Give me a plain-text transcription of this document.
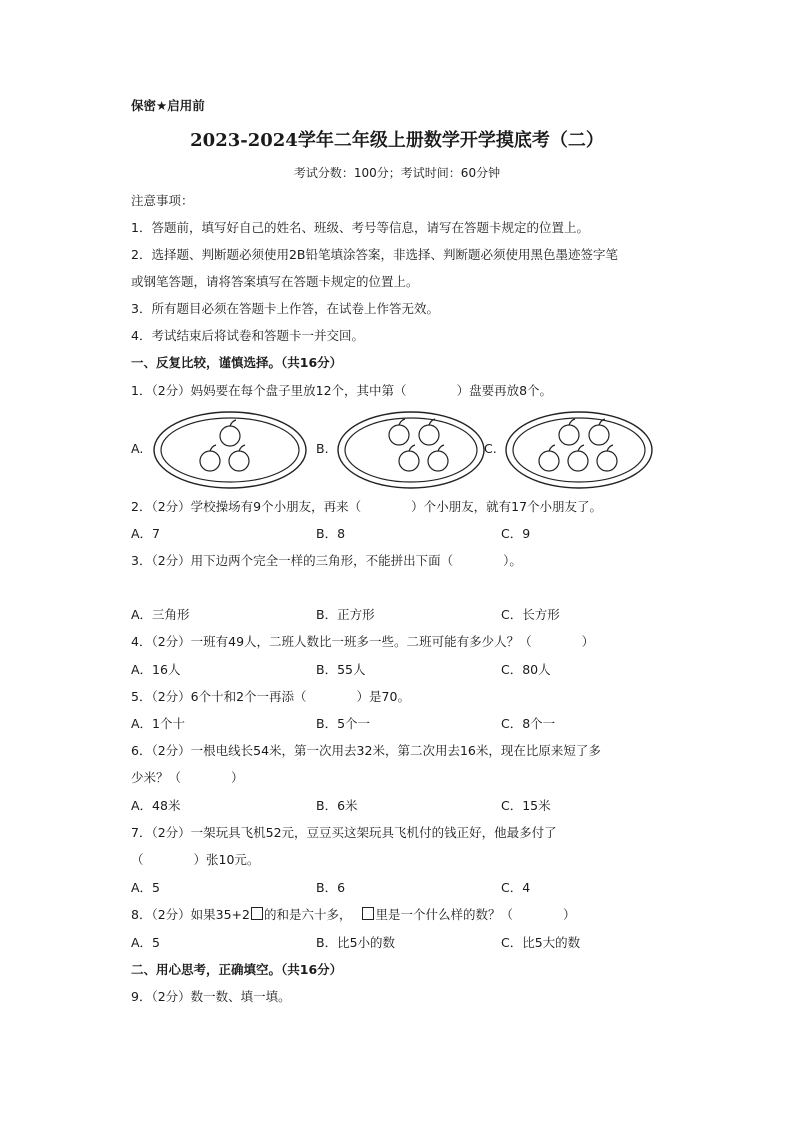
保密★启用前
2023-2024学年二年级上册数学开学摸底考（二）
考试分数：100分；考试时间：60分钟
注意事项：
1．答题前，填写好自己的姓名、班级、考号等信息，请写在答题卡规定的位置上。
2．选择题、判断题必须使用2B铅笔填涂答案，非选择、判断题必须使用黑色墨迹签字笔
或钢笔答题，请将答案填写在答题卡规定的位置上。
3．所有题目必须在答题卡上作答，在试卷上作答无效。
4．考试结束后将试卷和答题卡一并交回。
一、反复比较，谨慎选择。（共16分）
1．（2分）妈妈要在每个盘子里放12个，其中第（　　　　）盘要再放8个。
A.	B.	C.
2．（2分）学校操场有9个小朋友，再来（　　　　）个小朋友，就有17个小朋友了。
A．7	B．8	C．9
3．（2分）用下边两个完全一样的三角形，不能拼出下面（　　　　）。
A．三角形	B．正方形	C．长方形
4．（2分）一班有49人，二班人数比一班多一些。二班可能有多少人？（　　　　）
A．16人	B．55人	C．80人
5．（2分）6个十和2个一再添（　　　　）是70。
A．1个十	B．5个一	C．8个一
6．（2分）一根电线长54米，第一次用去32米，第二次用去16米，现在比原来短了多
少米？（　　　　）
A．48米	B．6米	C．15米
7．（2分）一架玩具飞机52元，豆豆买这架玩具飞机付的钱正好，他最多付了
（　　　　）张10元。
A．5	B．6	C．4
8．（2分）如果35+2 的和是六十多， 里是一个什么样的数？（　　　　）
A．5	B．比5小的数	C．比5大的数
二、用心思考，正确填空。（共16分）
9．（2分）数一数、填一填。
